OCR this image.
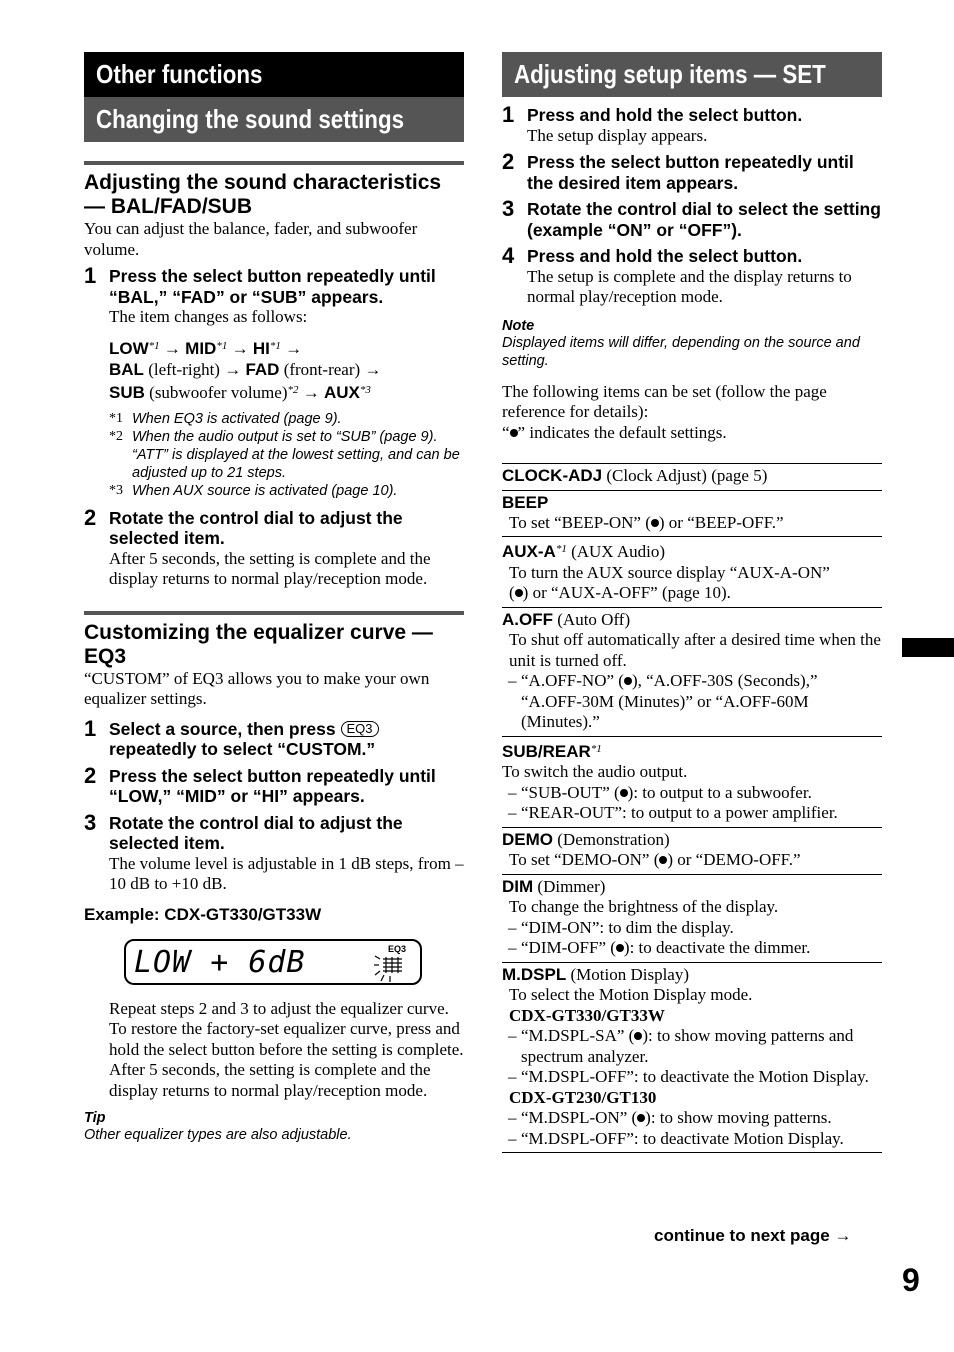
Other functions
Changing the sound settings
Adjusting the sound characteristics — BAL/FAD/SUB
You can adjust the balance, fader, and subwoofer volume.
1 Press the select button repeatedly until “BAL,” “FAD” or “SUB” appears.
The item changes as follows:
$LOW^{*1} \to MID^{*1} \to HI^{*1}$ →
BAL (left-right) → FAD (front-rear) →
SUB (subwoofer volume)$^{*2}$ → $AUX^{*3}$
*1 When EQ3 is activated (page 9).
*2 When the audio output is set to “SUB” (page 9). “ATT” is displayed at the lowest setting, and can be adjusted up to 21 steps.
*3 When AUX source is activated (page 10).
2 Rotate the control dial to adjust the selected item.
After 5 seconds, the setting is complete and the display returns to normal play/reception mode.
Customizing the equalizer curve — EQ3
“CUSTOM” of EQ3 allows you to make your own equalizer settings.
1 Select a source, then press EQ3 repeatedly to select “CUSTOM.”
2 Press the select button repeatedly until “LOW,” “MID” or “HI” appears.
3 Rotate the control dial to adjust the selected item.
The volume level is adjustable in 1 dB steps, from –10 dB to +10 dB.
Example: CDX-GT330/GT33W
LOW + 6dB	EQ3
Repeat steps 2 and 3 to adjust the equalizer curve.
To restore the factory-set equalizer curve, press and hold the select button before the setting is complete.
After 5 seconds, the setting is complete and the display returns to normal play/reception mode.
Tip
Other equalizer types are also adjustable.
Adjusting setup items — SET
1 Press and hold the select button.
The setup display appears.
2 Press the select button repeatedly until the desired item appears.
3 Rotate the control dial to select the setting (example “ON” or “OFF”).
4 Press and hold the select button.
The setup is complete and the display returns to normal play/reception mode.
Note
Displayed items will differ, depending on the source and setting.
The following items can be set (follow the page reference for details):
“ ” indicates the default settings.
CLOCK-ADJ (Clock Adjust) (page 5)
BEEP
To set “BEEP-ON” ( ) or “BEEP-OFF.”
AUX-$A^{*1}$ (AUX Audio)
To turn the AUX source display “AUX-A-ON”
( ) or “AUX-A-OFF” (page 10).
A.OFF (Auto Off)
To shut off automatically after a desired time when the unit is turned off.
– “A.OFF-NO” ( ), “A.OFF-30S (Seconds),” “A.OFF-30M (Minutes)” or “A.OFF-60M (Minutes).”
SUB/REAR$^{*1}$
To switch the audio output.
– “SUB-OUT” ( ): to output to a subwoofer.
– “REAR-OUT”: to output to a power amplifier.
DEMO (Demonstration)
To set “DEMO-ON” ( ) or “DEMO-OFF.”
DIM (Dimmer)
To change the brightness of the display.
– “DIM-ON”: to dim the display.
– “DIM-OFF” ( ): to deactivate the dimmer.
M.DSPL (Motion Display)
To select the Motion Display mode.
CDX-GT330/GT33W
– “M.DSPL-SA” ( ): to show moving patterns and spectrum analyzer.
– “M.DSPL-OFF”: to deactivate the Motion Display.
CDX-GT230/GT130
– “M.DSPL-ON” ( ): to show moving patterns.
– “M.DSPL-OFF”: to deactivate Motion Display.
continue to next page →
9
